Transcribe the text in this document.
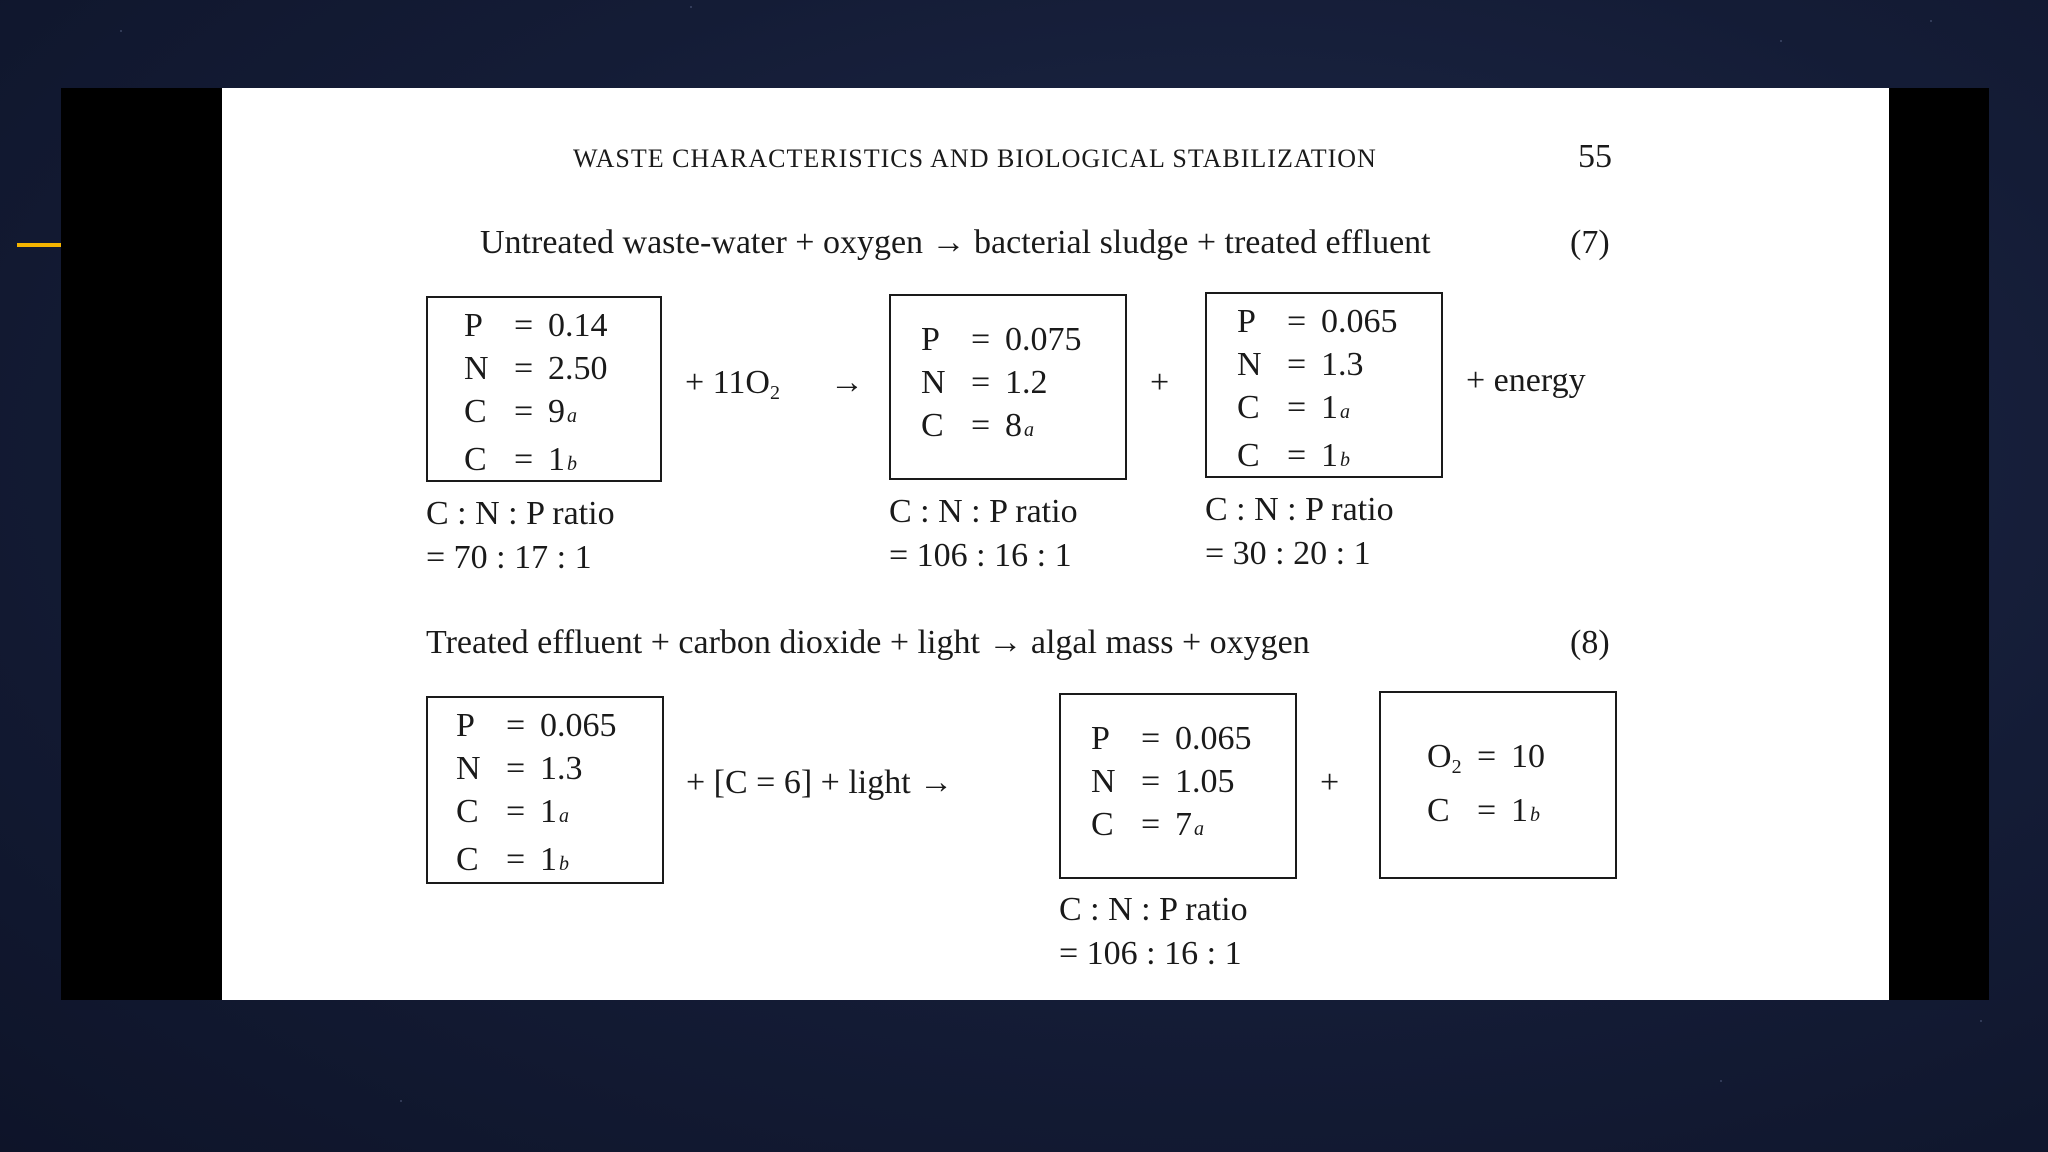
WASTE CHARACTERISTICS AND BIOLOGICAL STABILIZATION	55
Untreated waste-water + oxygen → bacterial sludge + treated effluent	(7)
P = 0.14
N = 2.50
C = 9 a
C = 1 b
+ $11O_2$ →
P = 0.075
N = 1.2
C = 8 a
+
P = 0.065
N = 1.3
C = 1 a
C = 1 b
+ energy
C : N : P ratio
= 70 : 17 : 1
C : N : P ratio
= 106 : 16 : 1
C : N : P ratio
= 30 : 20 : 1
Treated effluent + carbon dioxide + light → algal mass + oxygen	(8)
P = 0.065
N = 1.3
C = 1 a
C = 1 b
+ [C = 6] + light →
P = 0.065
N = 1.05
C = 7 a
+
$O_2 = 10$
C = 1 b
C : N : P ratio
= 106 : 16 : 1
